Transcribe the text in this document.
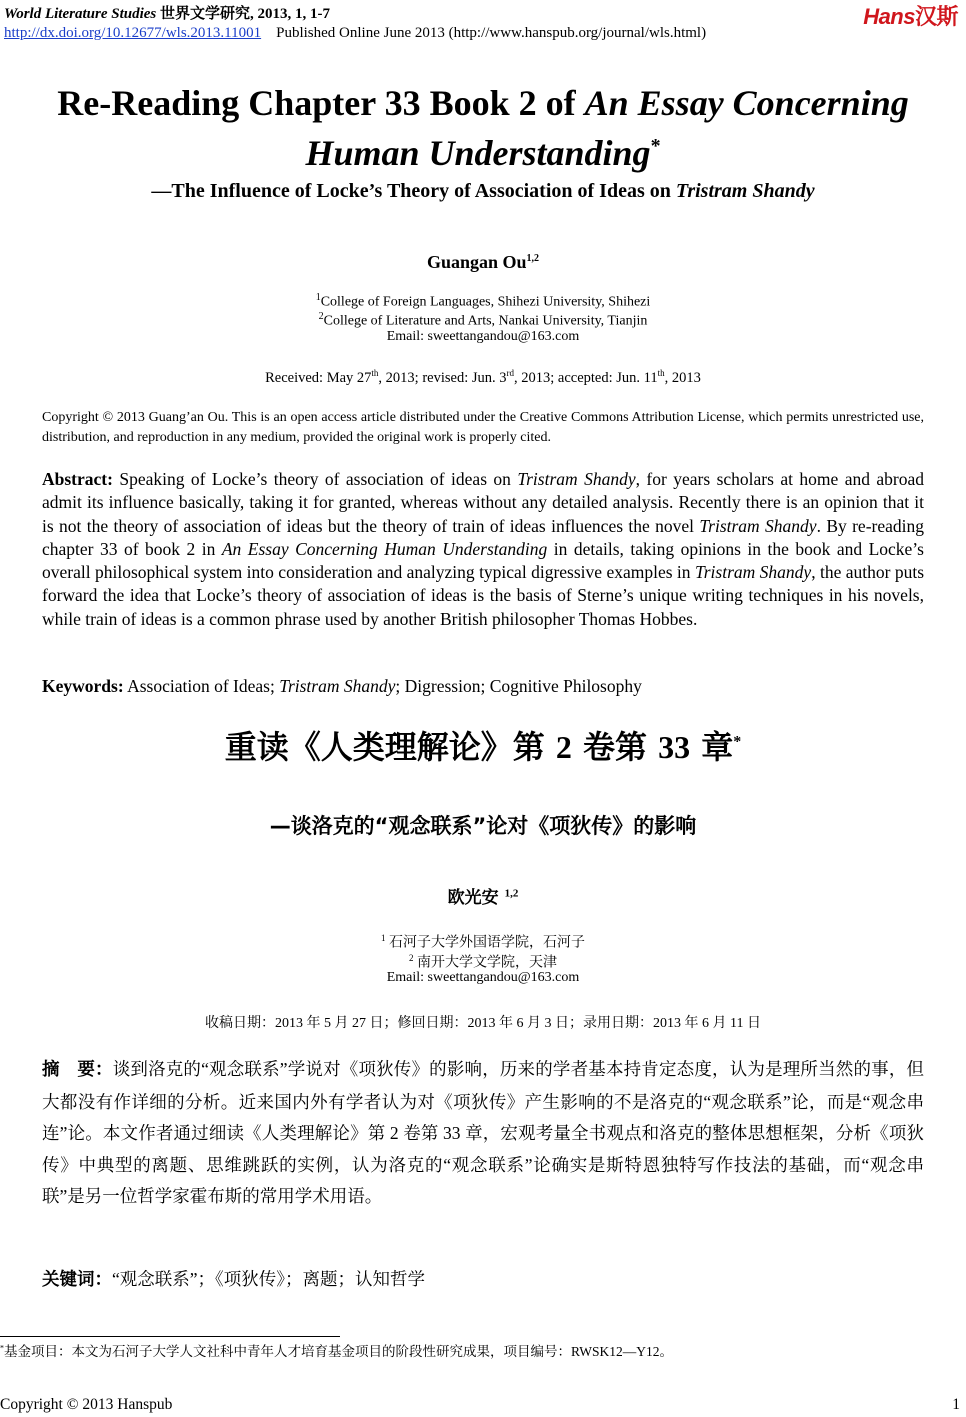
World Literature Studies 世界文学研究, 2013, 1, 1-7	Hans汉斯
http://dx.doi.org/10.12677/wls.2013.11001 Published Online June 2013 (http://www.hanspub.org/journal/wls.html)
Re-Reading Chapter 33 Book 2 of An Essay Concerning
Human Understanding*
—The Influence of Locke’s Theory of Association of Ideas on Tristram Shandy
Guangan Ou$^{1,2}$
$^1$College of Foreign Languages, Shihezi University, Shihezi
$^2$College of Literature and Arts, Nankai University, Tianjin
Email: sweettangandou@163.com
Received: May 27th, 2013; revised: Jun. 3rd, 2013; accepted: Jun. 11th, 2013
Copyright © 2013 Guang’an Ou. This is an open access article distributed under the Creative Commons Attribution License, which permits unrestricted use, distribution, and reproduction in any medium, provided the original work is properly cited.
Abstract: Speaking of Locke’s theory of association of ideas on Tristram Shandy, for years scholars at home and abroad admit its influence basically, taking it for granted, whereas without any detailed analysis. Recently there is an opinion that it is not the theory of association of ideas but the theory of train of ideas influences the novel Tristram Shandy. By re-reading chapter 33 of book 2 in An Essay Concerning Human Understanding in details, taking opinions in the book and Locke’s overall philosophical system into consideration and analyzing typical digressive examples in Tristram Shandy, the author puts forward the idea that Locke’s theory of association of ideas is the basis of Sterne’s unique writing techniques in his novels, while train of ideas is a common phrase used by another British philosopher Thomas Hobbes.
Keywords: Association of Ideas; Tristram Shandy; Digression; Cognitive Philosophy
重读《人类理解论》第 2 卷第 33 章*
—谈洛克的“观念联系”论对《项狄传》的影响
欧光安 $^{1,2}$
$^1$ 石河子大学外国语学院，石河子
$^2$ 南开大学文学院，天津
Email: sweettangandou@163.com
收稿日期：2013 年 5 月 27 日；修回日期：2013 年 6 月 3 日；录用日期：2013 年 6 月 11 日
摘　要：谈到洛克的“观念联系”学说对《项狄传》的影响，历来的学者基本持肯定态度，认为是理所当然的事，但大都没有作详细的分析。近来国内外有学者认为对《项狄传》产生影响的不是洛克的“观念联系”论，而是“观念串连”论。本文作者通过细读《人类理解论》第 2 卷第 33 章，宏观考量全书观点和洛克的整体思想框架，分析《项狄传》中典型的离题、思维跳跃的实例，认为洛克的“观念联系”论确实是斯特恩独特写作技法的基础，而“观念串联”是另一位哲学家霍布斯的常用学术用语。
关键词：“观念联系”；《项狄传》；离题；认知哲学
*基金项目：本文为石河子大学人文社科中青年人才培育基金项目的阶段性研究成果，项目编号：RWSK12—Y12。
Copyright © 2013 Hanspub	1
